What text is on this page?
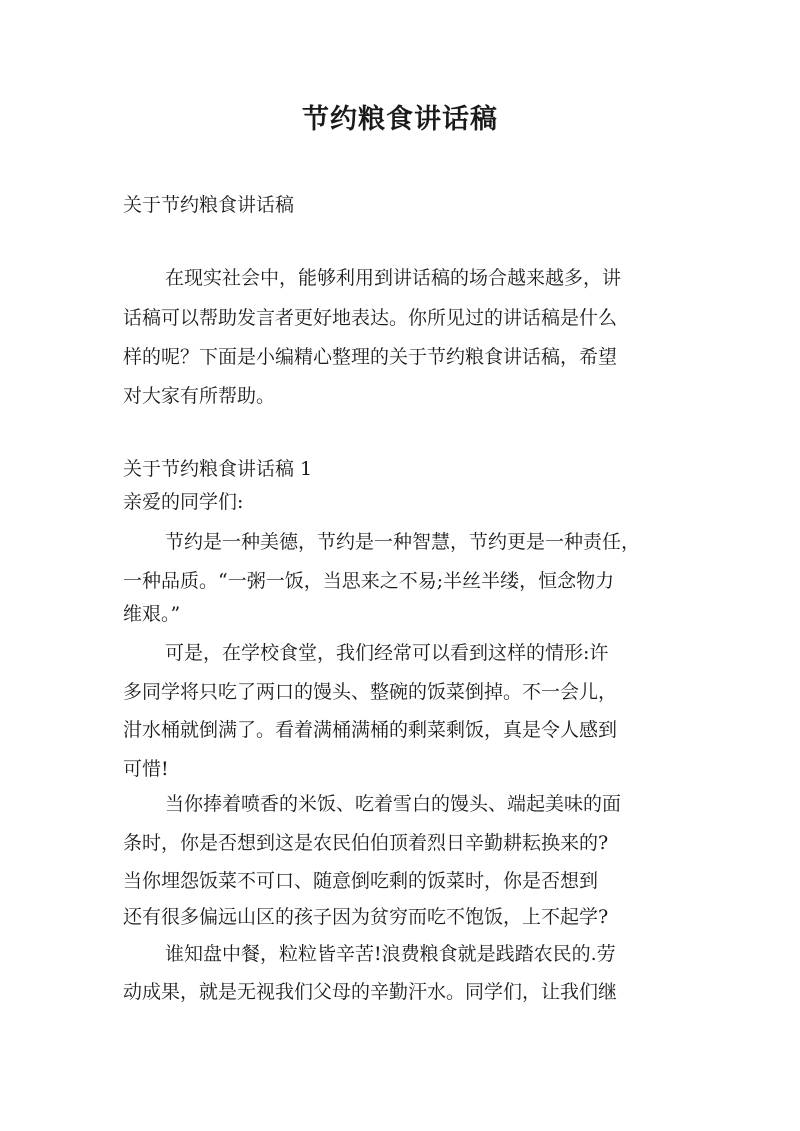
节约粮食讲话稿
关于节约粮食讲话稿
在现实社会中，能够利用到讲话稿的场合越来越多，讲
话稿可以帮助发言者更好地表达。你所见过的讲话稿是什么
样的呢？下面是小编精心整理的关于节约粮食讲话稿，希望
对大家有所帮助。
关于节约粮食讲话稿 1
亲爱的同学们:
节约是一种美德，节约是一种智慧，节约更是一种责任，
一种品质。“一粥一饭，当思来之不易;半丝半缕，恒念物力
维艰。”
可是，在学校食堂，我们经常可以看到这样的情形:许
多同学将只吃了两口的馒头、整碗的饭菜倒掉。不一会儿，
泔水桶就倒满了。看着满桶满桶的剩菜剩饭，真是令人感到
可惜!
当你捧着喷香的米饭、吃着雪白的馒头、端起美味的面
条时，你是否想到这是农民伯伯顶着烈日辛勤耕耘换来的?
当你埋怨饭菜不可口、随意倒吃剩的饭菜时，你是否想到
还有很多偏远山区的孩子因为贫穷而吃不饱饭，上不起学?
谁知盘中餐，粒粒皆辛苦!浪费粮食就是践踏农民的.劳
动成果，就是无视我们父母的辛勤汗水。同学们，让我们继
